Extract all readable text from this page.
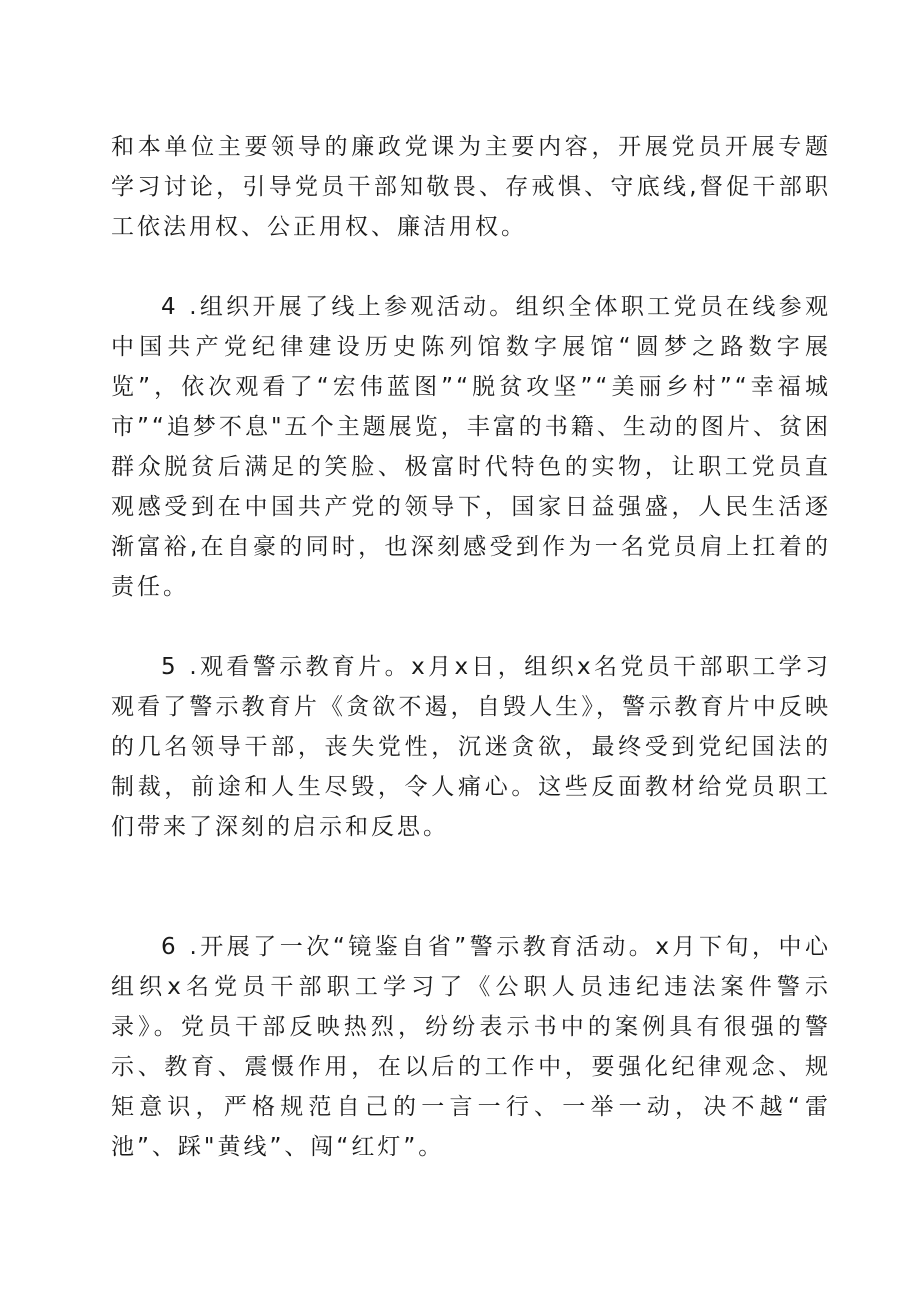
和本单位主要领导的廉政党课为主要内容，开展党员开展专题学习讨论，引导党员干部知敬畏、存戒惧、守底线,督促干部职工依法用权、公正用权、廉洁用权。

4 .组织开展了线上参观活动。组织全体职工党员在线参观中国共产党纪律建设历史陈列馆数字展馆“圆梦之路数字展览”，依次观看了“宏伟蓝图”“脱贫攻坚”“美丽乡村”“幸福城市”“追梦不息"五个主题展览，丰富的书籍、生动的图片、贫困群众脱贫后满足的笑脸、极富时代特色的实物，让职工党员直观感受到在中国共产党的领导下，国家日益强盛，人民生活逐渐富裕,在自豪的同时，也深刻感受到作为一名党员肩上扛着的责任。

5 .观看警示教育片。x月x日，组织x名党员干部职工学习观看了警示教育片《贪欲不遏，自毁人生》，警示教育片中反映的几名领导干部，丧失党性，沉迷贪欲，最终受到党纪国法的制裁，前途和人生尽毁，令人痛心。这些反面教材给党员职工们带来了深刻的启示和反思。

6 .开展了一次“镜鉴自省”警示教育活动。x月下旬，中心组织x名党员干部职工学习了《公职人员违纪违法案件警示录》。党员干部反映热烈，纷纷表示书中的案例具有很强的警示、教育、震慑作用，在以后的工作中，要强化纪律观念、规矩意识，严格规范自己的一言一行、一举一动，决不越“雷池”、踩"黄线”、闯“红灯”。
